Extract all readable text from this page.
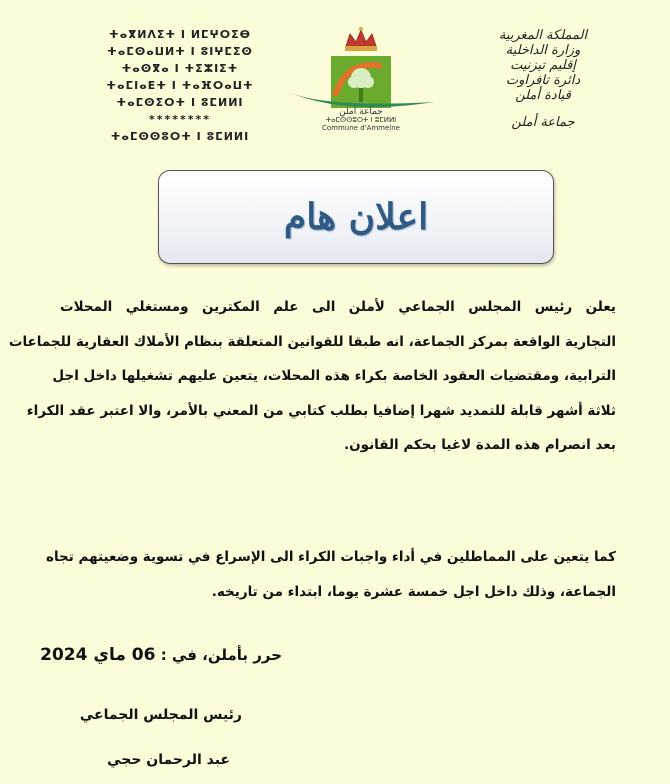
ⵜⴰⴳⵍⴷⵉⵜ ⵏ ⵍⵎⵖⵔⵉⴱ
ⵜⴰⵎⵙⴰⵡⵍⵜ ⵏ ⵓⵏⵖⵎⵉⵙ
ⵜⴰⵙⴳⴰ ⵏ ⵜⵉⵣⵏⵉⵜ
ⵜⴰⵎⵏⴰⴹⵜ ⵏ ⵜⴰⴼⵔⴰⵡⵜ
ⵜⴰⵎⵙⵉⵔⵜ ⵏ ⵓⵎⵍⵍⵏ
********
ⵜⴰⵎⵙⵙⵓⵔⵜ ⵏ ⵓⵎⵍⵍⵏ
جماعة أملن
ⵜⴰⵎⵙⵙⵓⵔⵜ ⵏ ⵓⵎⵍⵍⵏ
Commune d'Ammelne
المملكة المغربية
وزارة الداخلية
إقليم تيزنيت
دائرة تافراوت
قيادة أملن
جماعة أملن
اعلان هام
يعلن رئيس المجلس الجماعي لأملن الى علم المكترين ومستغلي المحلات
التجارية الواقعة بمركز الجماعة، انه طبقا للقوانين المتعلقة بنظام الأملاك العقارية للجماعات
الترابية، ومقتضيات العقود الخاصة بكراء هذه المحلات، يتعين عليهم تشغيلها داخل اجل
ثلاثة أشهر قابلة للتمديد شهرا إضافيا بطلب كتابي من المعني بالأمر، والا اعتبر عقد الكراء
بعد انصرام هذه المدة لاغيا بحكم القانون.
كما يتعين على المماطلين في أداء واجبات الكراء الى الإسراع في تسوية وضعيتهم تجاه
الجماعة، وذلك داخل اجل خمسة عشرة يوما، ابتداء من تاريخه.
حرر بأملن، في : 06 ماي 2024
رئيس المجلس الجماعي
عبد الرحمان حجي
